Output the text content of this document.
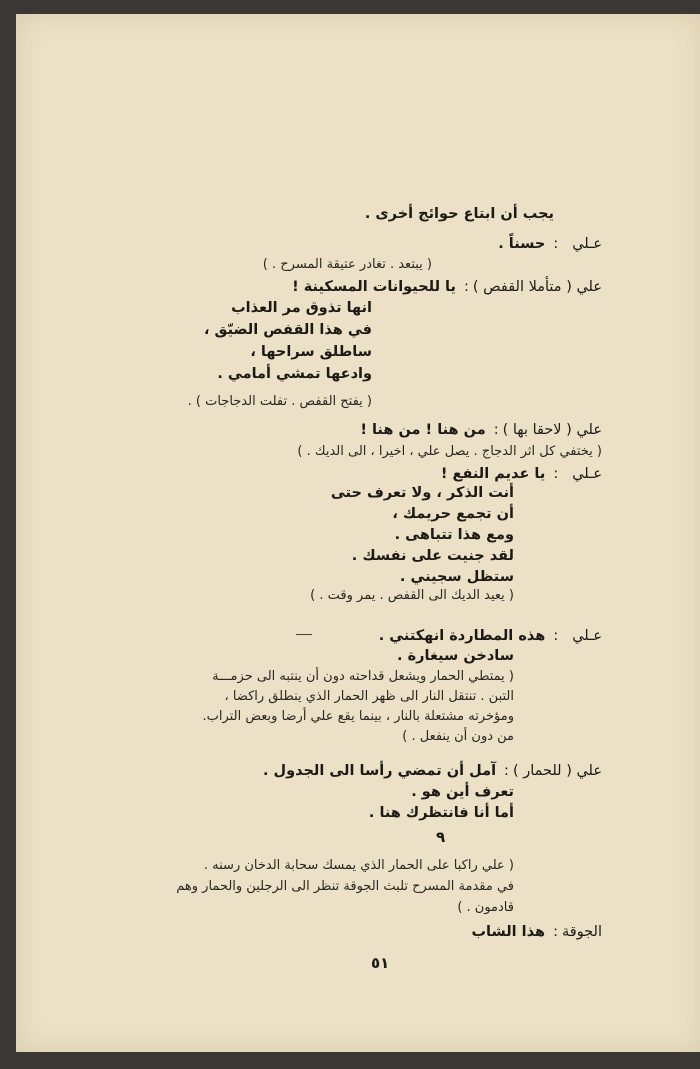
يجب أن ابتاع حوائج أخرى .
عـلي:حسناً .
( يبتعد . تغادر عتيقة المسرح . )
علي ( متأملا القفص ):يا للحيوانات المسكينة !
انها تذوق مر العذاب
في هذا القفص الضيّق ،
ساطلق سراحها ،
وادعها تمشي أمامي .
( يفتح القفص . تفلت الدجاجات ) .
علي ( لاحقا بها ):من هنا ! من هنا !
( يختفي كل اثر الدجاج . يصل علي ، اخيرا ، الى الديك . )
عـلي:يا عديم النفع !
أنت الذكر ، ولا تعرف حتى
أن تجمع حريمك ،
ومع هذا تتباهى .
لقد جنيت على نفسك .
ستظل سجيني .
( يعيد الديك الى القفص . يمر وقت . )
عـلي:هذه المطاردة انهكتني .
سادخن سيغارة .
( يمتطي الحمار ويشعل قداحته دون أن ينتبه الى حزمـــة
التبن . تنتقل النار الى ظهر الحمار الذي ينطلق راكضا ،
ومؤخرته مشتعلة بالنار ، بينما يقع علي أرضا وبعض التراب.
من دون أن ينفعل . )
علي ( للحمار ):آمل أن تمضي رأسا الى الجدول .
تعرف أين هو .
أما أنا فانتظرك هنا .
٩
( علي راكبا على الحمار الذي يمسك سحابة الدخان رسنه .
في مقدمة المسرح تلبث الجوقة تنظر الى الرجلين والحمار وهم
قادمون . )
الجوقة:هذا الشاب
٥١
